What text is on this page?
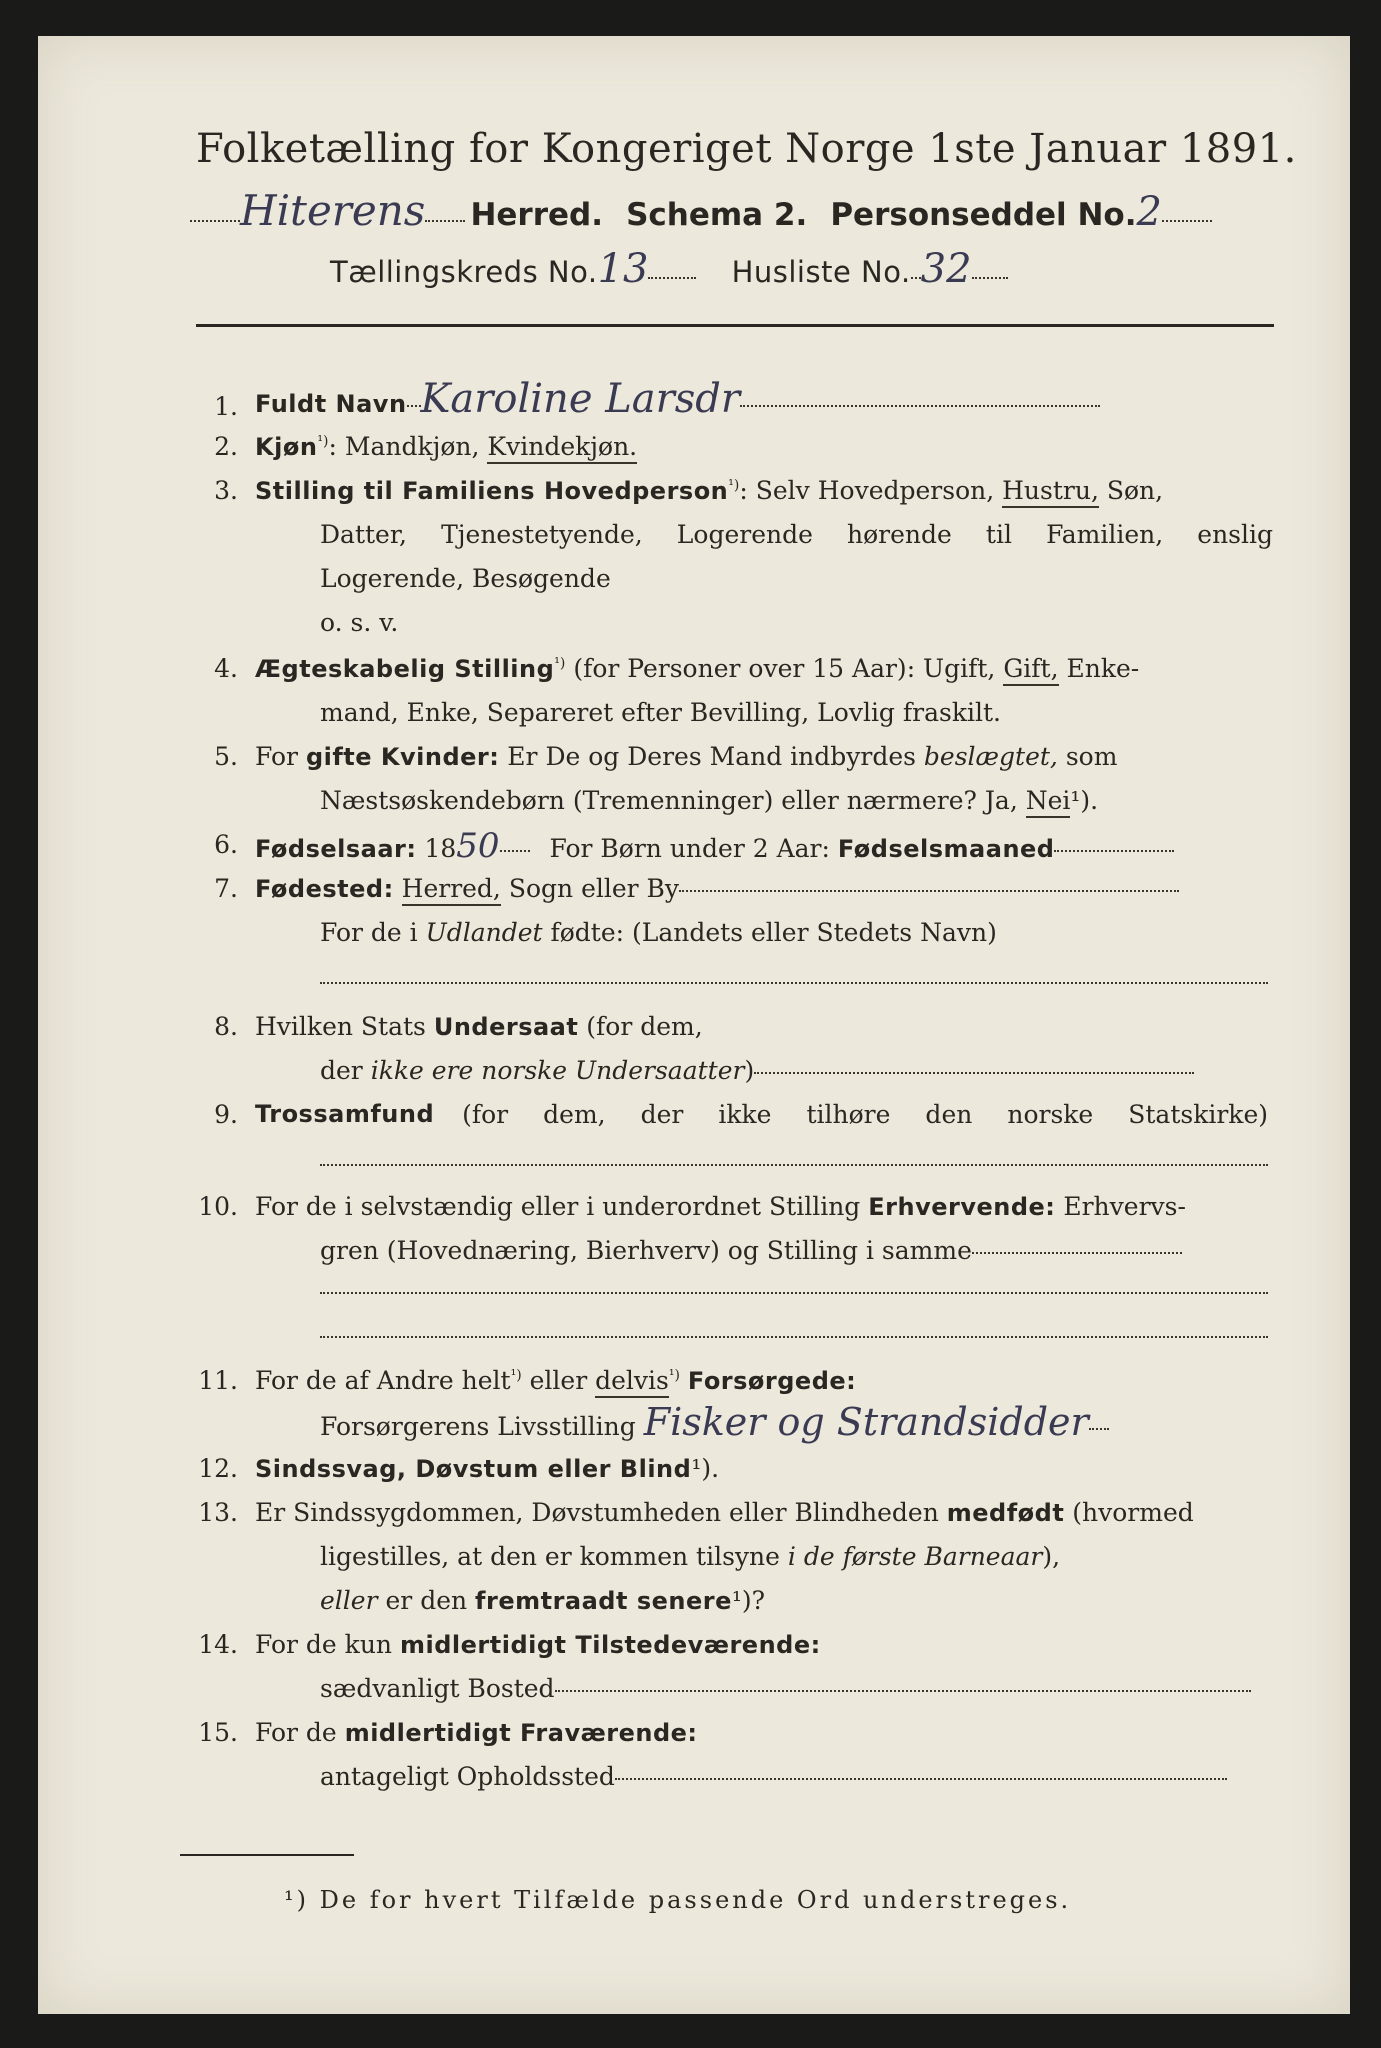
Folketælling for Kongeriget Norge 1ste Januar 1891.
Hiterens Herred. Schema 2. Personseddel No.2
Tællingskreds No.13	Husliste No. 32
1. Fuldt Navn Karoline Larsdr
2. Kjøn$^{^1)}$: Mandkjøn, Kvindekjøn.
3. Stilling til Familiens Hovedperson$^{^1)}$: Selv Hovedperson, Hustru, Søn,
Datter, Tjenestetyende, Logerende hørende til Familien, enslig
Logerende, Besøgende
o. s. v.
4. Ægteskabelig Stilling$^{^1)}$ (for Personer over 15 Aar): Ugift, Gift, Enke-
mand, Enke, Separeret efter Bevilling, Lovlig fraskilt.
5. For gifte Kvinder: Er De og Deres Mand indbyrdes beslægtet, som
Næstsøskendebørn (Tremenninger) eller nærmere? Ja, Nei¹).
6. Fødselsaar: 1850 For Børn under 2 Aar: Fødselsmaaned
7. Fødested: Herred, Sogn eller By
For de i Udlandet fødte: (Landets eller Stedets Navn)
8. Hvilken Stats Undersaat (for dem,
der ikke ere norske Undersaatter)
9. Trossamfund (for dem, der ikke tilhøre den norske Statskirke)
10. For de i selvstændig eller i underordnet Stilling Erhvervende: Erhvervs-
gren (Hovednæring, Bierhverv) og Stilling i samme
11. For de af Andre helt$^{^1)}$ eller delvis$^{^1)}$ Forsørgede:
Forsørgerens Livsstilling Fisker og Strandsidder
12. Sindssvag, Døvstum eller Blind¹).
13. Er Sindssygdommen, Døvstumheden eller Blindheden medfødt (hvormed
ligestilles, at den er kommen tilsyne i de første Barneaar),
eller er den fremtraadt senere¹)?
14. For de kun midlertidigt Tilstedeværende:
sædvanligt Bosted
15. For de midlertidigt Fraværende:
antageligt Opholdssted
¹) De for hvert Tilfælde passende Ord understreges.
